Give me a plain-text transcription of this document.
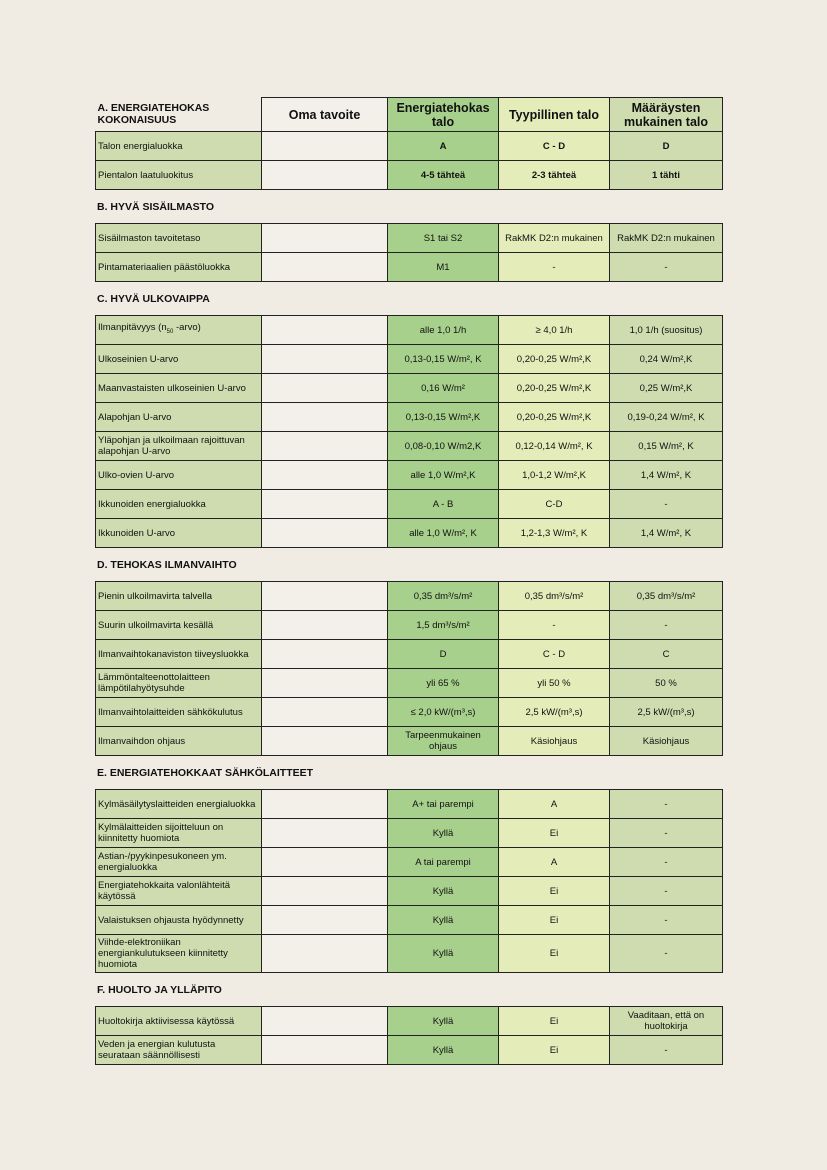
A. ENERGIATEHOKAS KOKONAISUUS	Oma tavoite	Energiatehokas talo	Tyypillinen talo	Määräysten mukainen talo
Talon energialuokka		A	C - D	D
Pientalon laatuluokitus		4-5 tähteä	2-3 tähteä	1 tähti
B. HYVÄ SISÄILMASTO
Sisäilmaston tavoitetaso		S1 tai S2	RakMK D2:n mukainen	RakMK D2:n mukainen
Pintamateriaalien päästöluokka		M1	-	-
C. HYVÄ ULKOVAIPPA
Ilmanpitävyys ($n_{50}$ -arvo)		alle 1,0 1/h	≥ 4,0 1/h	1,0 1/h (suositus)
Ulkoseinien U-arvo		0,13-0,15 W/m², K	0,20-0,25 W/m²,K	0,24 W/m²,K
Maanvastaisten ulkoseinien U-arvo		0,16 W/m²	0,20-0,25 W/m²,K	0,25 W/m²,K
Alapohjan U-arvo		0,13-0,15 W/m²,K	0,20-0,25 W/m²,K	0,19-0,24 W/m², K
Yläpohjan ja ulkoilmaan rajoittuvan alapohjan U-arvo		0,08-0,10 W/m2,K	0,12-0,14 W/m², K	0,15 W/m², K
Ulko-ovien U-arvo		alle 1,0 W/m²,K	1,0-1,2 W/m²,K	1,4 W/m², K
Ikkunoiden energialuokka		A - B	C-D	-
Ikkunoiden U-arvo		alle 1,0 W/m², K	1,2-1,3 W/m², K	1,4 W/m², K
D. TEHOKAS ILMANVAIHTO
Pienin ulkoilmavirta talvella		0,35 dm³/s/m²	0,35 dm³/s/m²	0,35 dm³/s/m²
Suurin ulkoilmavirta kesällä		1,5 dm³/s/m²	-	-
Ilmanvaihtokanaviston tiiveysluokka		D	C - D	C
Lämmöntalteenottolaitteen lämpötilahyötysuhde		yli 65 %	yli 50 %	50 %
Ilmanvaihtolaitteiden sähkökulutus		≤ 2,0 kW/(m³,s)	2,5 kW/(m³,s)	2,5 kW/(m³,s)
Ilmanvaihdon ohjaus		Tarpeenmukainen ohjaus	Käsiohjaus	Käsiohjaus
E. ENERGIATEHOKKAAT SÄHKÖLAITTEET
Kylmäsäilytyslaitteiden energialuokka		A+ tai parempi	A	-
Kylmälaitteiden sijoitteluun on kiinnitetty huomiota		Kyllä	Ei	-
Astian-/pyykinpesukoneen ym. energialuokka		A tai parempi	A	-
Energiatehokkaita valonlähteitä käytössä		Kyllä	Ei	-
Valaistuksen ohjausta hyödynnetty		Kyllä	Ei	-
Viihde-elektroniikan energiankulutukseen kiinnitetty huomiota		Kyllä	Ei	-
F. HUOLTO JA YLLÄPITO
Huoltokirja aktiivisessa käytössä		Kyllä	Ei	Vaaditaan, että on huoltokirja
Veden ja energian kulutusta seurataan säännöllisesti		Kyllä	Ei	-
